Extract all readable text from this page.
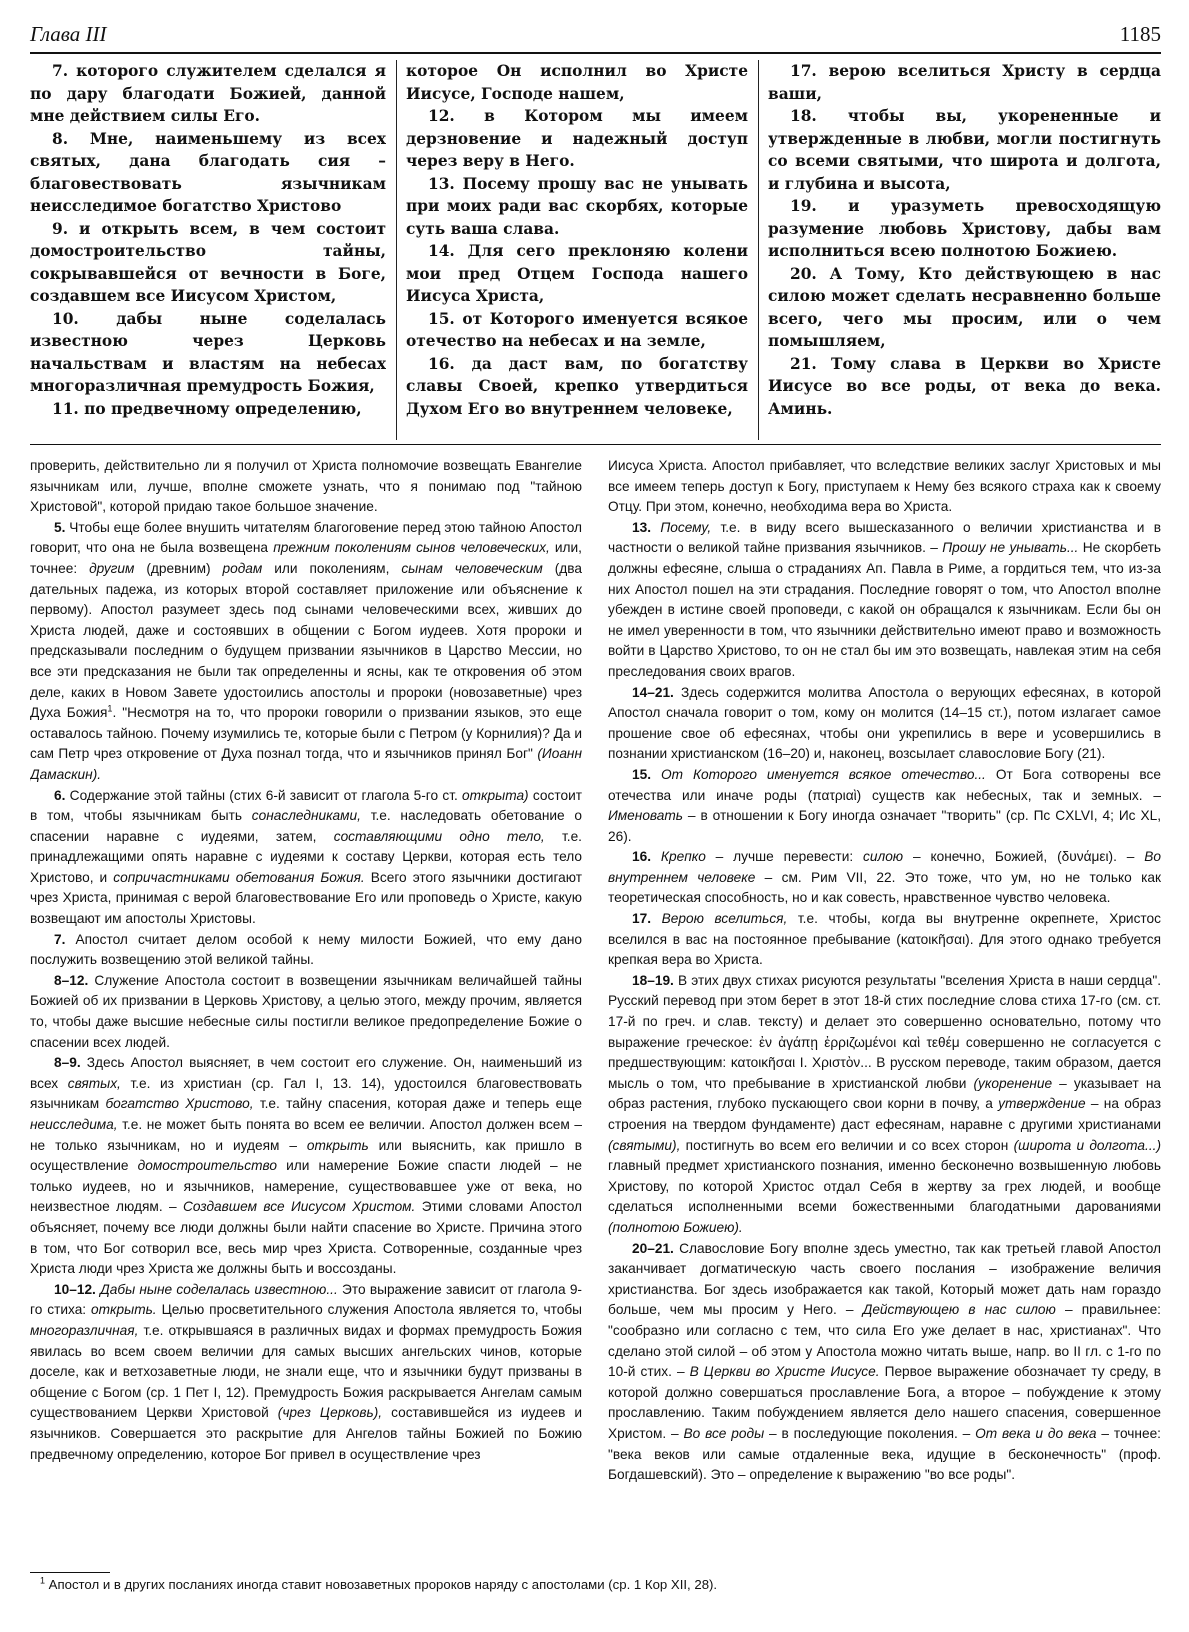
Глава III	1185

7. которого служителем сделался я по дару благодати Божией, данной мне действием силы Его.

8. Мне, наименьшему из всех святых, дана благодать сия – благовествовать язычникам неисследимое богатство Христово

9. и открыть всем, в чем состоит домостроительство тайны, сокрывавшейся от вечности в Боге, создавшем все Иисусом Христом,

10. дабы ныне соделалась известною через Церковь начальствам и властям на небесах многоразличная премудрость Божия,

11. по предвечному определению,

которое Он исполнил во Христе Иисусе, Господе нашем,

12. в Котором мы имеем дерзновение и надежный доступ через веру в Него.

13. Посему прошу вас не унывать при моих ради вас скорбях, которые суть ваша слава.

14. Для сего преклоняю колени мои пред Отцем Господа нашего Иисуса Христа,

15. от Которого именуется всякое отечество на небесах и на земле,

16. да даст вам, по богатству славы Своей, крепко утвердиться Духом Его во внутреннем человеке,

17. верою вселиться Христу в сердца ваши,

18. чтобы вы, укорененные и утвержденные в любви, могли постигнуть со всеми святыми, что широта и долгота, и глубина и высота,

19. и уразуметь превосходящую разумение любовь Христову, дабы вам исполниться всею полнотою Божиею.

20. А Тому, Кто действующею в нас силою может сделать несравненно больше всего, чего мы просим, или о чем помышляем,

21. Тому слава в Церкви во Христе Иисусе во все роды, от века до века. Аминь.

проверить, действительно ли я получил от Христа полномочие возвещать Евангелие язычникам или, лучше, вполне сможете узнать, что я понимаю под "тайною Христовой", которой придаю такое большое значение.

5. Чтобы еще более внушить читателям благоговение перед этою тайною Апостол говорит, что она не была возвещена прежним поколениям сынов человеческих, или, точнее: другим (древним) родам или поколениям, сынам человеческим (два дательных падежа, из которых второй составляет приложение или объяснение к первому). Апостол разумеет здесь под сынами человеческими всех, живших до Христа людей, даже и состоявших в общении с Богом иудеев. Хотя пророки и предсказывали последним о будущем призвании язычников в Царство Мессии, но все эти предсказания не были так определенны и ясны, как те откровения об этом деле, каких в Новом Завете удостоились апостолы и пророки (новозаветные) чрез Духа Божия$^1$. "Несмотря на то, что пророки говорили о призвании языков, это еще оставалось тайною. Почему изумились те, которые были с Петром (у Корнилия)? Да и сам Петр чрез откровение от Духа познал тогда, что и язычников принял Бог" (Иоанн Дамаскин).

6. Содержание этой тайны (стих 6-й зависит от глагола 5-го ст. открыта) состоит в том, чтобы язычникам быть сонаследниками, т.е. наследовать обетование о спасении наравне с иудеями, затем, составляющими одно тело, т.е. принадлежащими опять наравне с иудеями к составу Церкви, которая есть тело Христово, и сопричастниками обетования Божия. Всего этого язычники достигают чрез Христа, принимая с верой благовествование Его или проповедь о Христе, какую возвещают им апостолы Христовы.

7. Апостол считает делом особой к нему милости Божией, что ему дано послужить возвещению этой великой тайны.

8–12. Служение Апостола состоит в возвещении язычникам величайшей тайны Божией об их призвании в Церковь Христову, а целью этого, между прочим, является то, чтобы даже высшие небесные силы постигли великое предопределение Божие о спасении всех людей.

8–9. Здесь Апостол выясняет, в чем состоит его служение. Он, наименьший из всех святых, т.е. из христиан (ср. Гал I, 13. 14), удостоился благовествовать язычникам богатство Христово, т.е. тайну спасения, которая даже и теперь еще неисследима, т.е. не может быть понята во всем ее величии. Апостол должен всем – не только язычникам, но и иудеям – открыть или выяснить, как пришло в осуществление домостроительство или намерение Божие спасти людей – не только иудеев, но и язычников, намерение, существовавшее уже от века, но неизвестное людям. – Создавшем все Иисусом Христом. Этими словами Апостол объясняет, почему все люди должны были найти спасение во Христе. Причина этого в том, что Бог сотворил все, весь мир чрез Христа. Сотворенные, созданные чрез Христа люди чрез Христа же должны быть и воссозданы.

10–12. Дабы ныне соделалась известною... Это выражение зависит от глагола 9-го стиха: открыть. Целью просветительного служения Апостола является то, чтобы многоразличная, т.е. открывшаяся в различных видах и формах премудрость Божия явилась во всем своем величии для самых высших ангельских чинов, которые доселе, как и ветхозаветные люди, не знали еще, что и язычники будут призваны в общение с Богом (ср. 1 Пет I, 12). Премудрость Божия раскрывается Ангелам самым существованием Церкви Христовой (чрез Церковь), составившейся из иудеев и язычников. Совершается это раскрытие для Ангелов тайны Божией по Божию предвечному определению, которое Бог привел в осуществление чрез

Иисуса Христа. Апостол прибавляет, что вследствие великих заслуг Христовых и мы все имеем теперь доступ к Богу, приступаем к Нему без всякого страха как к своему Отцу. При этом, конечно, необходима вера во Христа.

13. Посему, т.е. в виду всего вышесказанного о величии христианства и в частности о великой тайне призвания язычников. – Прошу не унывать... Не скорбеть должны ефесяне, слыша о страданиях Ап. Павла в Риме, а гордиться тем, что из-за них Апостол пошел на эти страдания. Последние говорят о том, что Апостол вполне убежден в истине своей проповеди, с какой он обращался к язычникам. Если бы он не имел уверенности в том, что язычники действительно имеют право и возможность войти в Царство Христово, то он не стал бы им это возвещать, навлекая этим на себя преследования своих врагов.

14–21. Здесь содержится молитва Апостола о верующих ефесянах, в которой Апостол сначала говорит о том, кому он молится (14–15 ст.), потом излагает самое прошение свое об ефесянах, чтобы они укрепились в вере и усовершились в познании христианском (16–20) и, наконец, возсылает славословие Богу (21).

15. От Которого именуется всякое отечество... От Бога сотворены все отечества или иначе роды (πατριαὶ) существ как небесных, так и земных. – Именовать – в отношении к Богу иногда означает "творить" (ср. Пс CXLVI, 4; Ис XL, 26).

16. Крепко – лучше перевести: силою – конечно, Божией, (δυνάμει). – Во внутреннем человеке – см. Рим VII, 22. Это тоже, что ум, но не только как теоретическая способность, но и как совесть, нравственное чувство человека.

17. Верою вселиться, т.е. чтобы, когда вы внутренне окрепнете, Христос вселился в вас на постоянное пребывание (κατοικῆσαι). Для этого однако требуется крепкая вера во Христа.

18–19. В этих двух стихах рисуются результаты "вселения Христа в наши сердца". Русский перевод при этом берет в этот 18-й стих последние слова стиха 17-го (см. ст. 17-й по греч. и слав. тексту) и делает это совершенно основательно, потому что выражение греческое: ἐν ἀγάπῃ ἐρριζωμένοι καὶ τεθέμ совершенно не согласуется с предшествующим: κατοικῆσαι Ι. Χριστὸν... В русском переводе, таким образом, дается мысль о том, что пребывание в христианской любви (укоренение – указывает на образ растения, глубоко пускающего свои корни в почву, а утверждение – на образ строения на твердом фундаменте) даст ефесянам, наравне с другими христианами (святыми), постигнуть во всем его величии и со всех сторон (широта и долгота...) главный предмет христианского познания, именно бесконечно возвышенную любовь Христову, по которой Христос отдал Себя в жертву за грех людей, и вообще сделаться исполненными всеми божественными благодатными дарованиями (полнотою Божиею).

20–21. Славословие Богу вполне здесь уместно, так как третьей главой Апостол заканчивает догматическую часть своего послания – изображение величия христианства. Бог здесь изображается как такой, Который может дать нам гораздо больше, чем мы просим у Него. – Действующею в нас силою – правильнее: "сообразно или согласно с тем, что сила Его уже делает в нас, христианах". Что сделано этой силой – об этом у Апостола можно читать выше, напр. во II гл. с 1-го по 10-й стих. – В Церкви во Христе Иисусе. Первое выражение обозначает ту среду, в которой должно совершаться прославление Бога, а второе – побуждение к этому прославлению. Таким побуждением является дело нашего спасения, совершенное Христом. – Во все роды – в последующие поколения. – От века и до века – точнее: "века веков или самые отдаленные века, идущие в бесконечность" (проф. Богдашевский). Это – определение к выражению "во все роды".

$^1$ Апостол и в других посланиях иногда ставит новозаветных пророков наряду с апостолами (ср. 1 Кор XII, 28).
